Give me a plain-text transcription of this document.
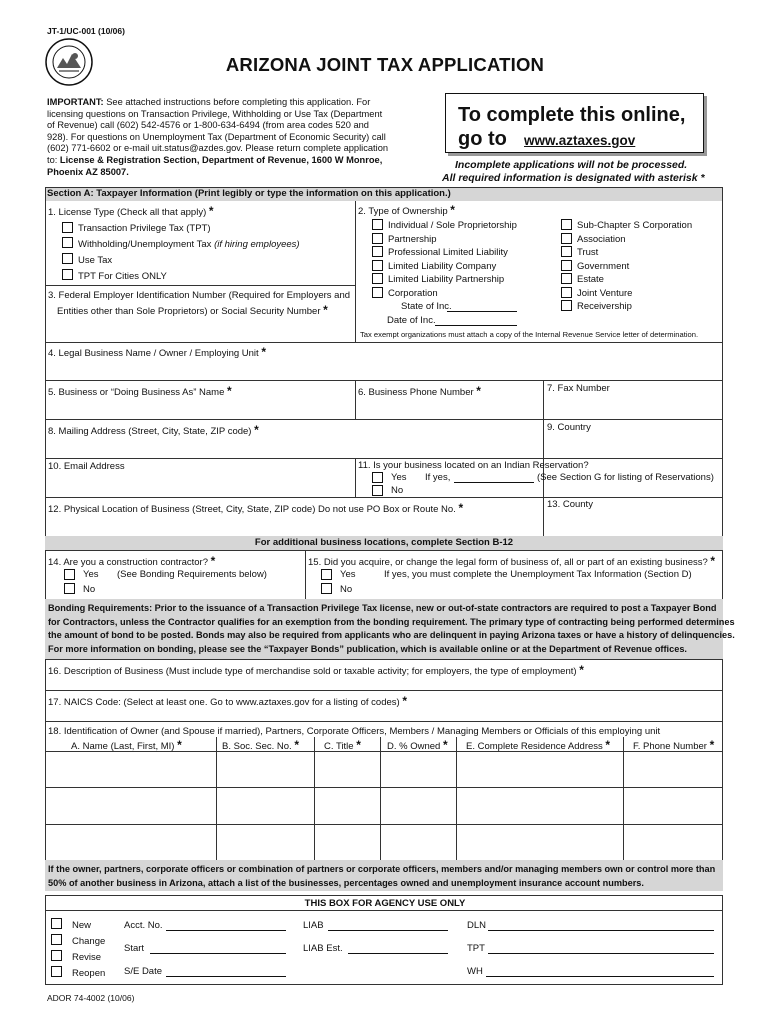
JT-1/UC-001 (10/06)
ARIZONA JOINT TAX APPLICATION
IMPORTANT: See attached instructions before completing this application. For
licensing questions on Transaction Privilege, Withholding or Use Tax (Department
of Revenue) call (602) 542-4576 or 1-800-634-6494 (from area codes 520 and
928). For questions on Unemployment Tax (Department of Economic Security) call
(602) 771-6602 or e-mail uit.status@azdes.gov. Please return complete application
to: License & Registration Section, Department of Revenue, 1600 W Monroe,
Phoenix AZ 85007.
To complete this online,
go to www.aztaxes.gov
Incomplete applications will not be processed.
All required information is designated with asterisk *
Section A: Taxpayer Information (Print legibly or type the information on this application.)
1. License Type (Check all that apply) *
Transaction Privilege Tax (TPT)
Withholding/Unemployment Tax (if hiring employees)
Use Tax
TPT For Cities ONLY
3. Federal Employer Identification Number (Required for Employers and
Entities other than Sole Proprietors) or Social Security Number *
2. Type of Ownership *
Individual / Sole Proprietorship
Partnership
Professional Limited Liability
Limited Liability Company
Limited Liability Partnership
Corporation
State of Inc.
Date of Inc.
Sub-Chapter S Corporation
Association
Trust
Government
Estate
Joint Venture
Receivership
Tax exempt organizations must attach a copy of the Internal Revenue Service letter of determination.
4. Legal Business Name / Owner / Employing Unit *
5. Business or “Doing Business As” Name *	6. Business Phone Number *	7. Fax Number
8. Mailing Address (Street, City, State, ZIP code) *	9. Country
10. Email Address	11. Is your business located on an Indian Reservation?
Yes If yes,	(See Section G for listing of Reservations)
No
12. Physical Location of Business (Street, City, State, ZIP code) Do not use PO Box or Route No. *	13. County
For additional business locations, complete Section B-12
14. Are you a construction contractor? *
Yes (See Bonding Requirements below)
No
15. Did you acquire, or change the legal form of business of, all or part of an existing business? *
Yes	If yes, you must complete the Unemployment Tax Information (Section D)
No
Bonding Requirements: Prior to the issuance of a Transaction Privilege Tax license, new or out-of-state contractors are required to post a Taxpayer Bond
for Contractors, unless the Contractor qualifies for an exemption from the bonding requirement. The primary type of contracting being performed determines
the amount of bond to be posted. Bonds may also be required from applicants who are delinquent in paying Arizona taxes or have a history of delinquencies.
For more information on bonding, please see the “Taxpayer Bonds” publication, which is available online or at the Department of Revenue offices.
16. Description of Business (Must include type of merchandise sold or taxable activity; for employers, the type of employment) *
17. NAICS Code: (Select at least one. Go to www.aztaxes.gov for a listing of codes) *
18. Identification of Owner (and Spouse if married), Partners, Corporate Officers, Members / Managing Members or Officials of this employing unit
A. Name (Last, First, MI) *	B. Soc. Sec. No. *	C. Title *	D. % Owned * E. Complete Residence Address * F. Phone Number *
If the owner, partners, corporate officers or combination of partners or corporate officers, members and/or managing members own or control more than
50% of another business in Arizona, attach a list of the businesses, percentages owned and unemployment insurance account numbers.
THIS BOX FOR AGENCY USE ONLY
New
Change
Revise
Reopen
Acct. No.
Start
S/E Date
LIAB
LIAB Est.
DLN
TPT
WH
ADOR 74-4002 (10/06)
